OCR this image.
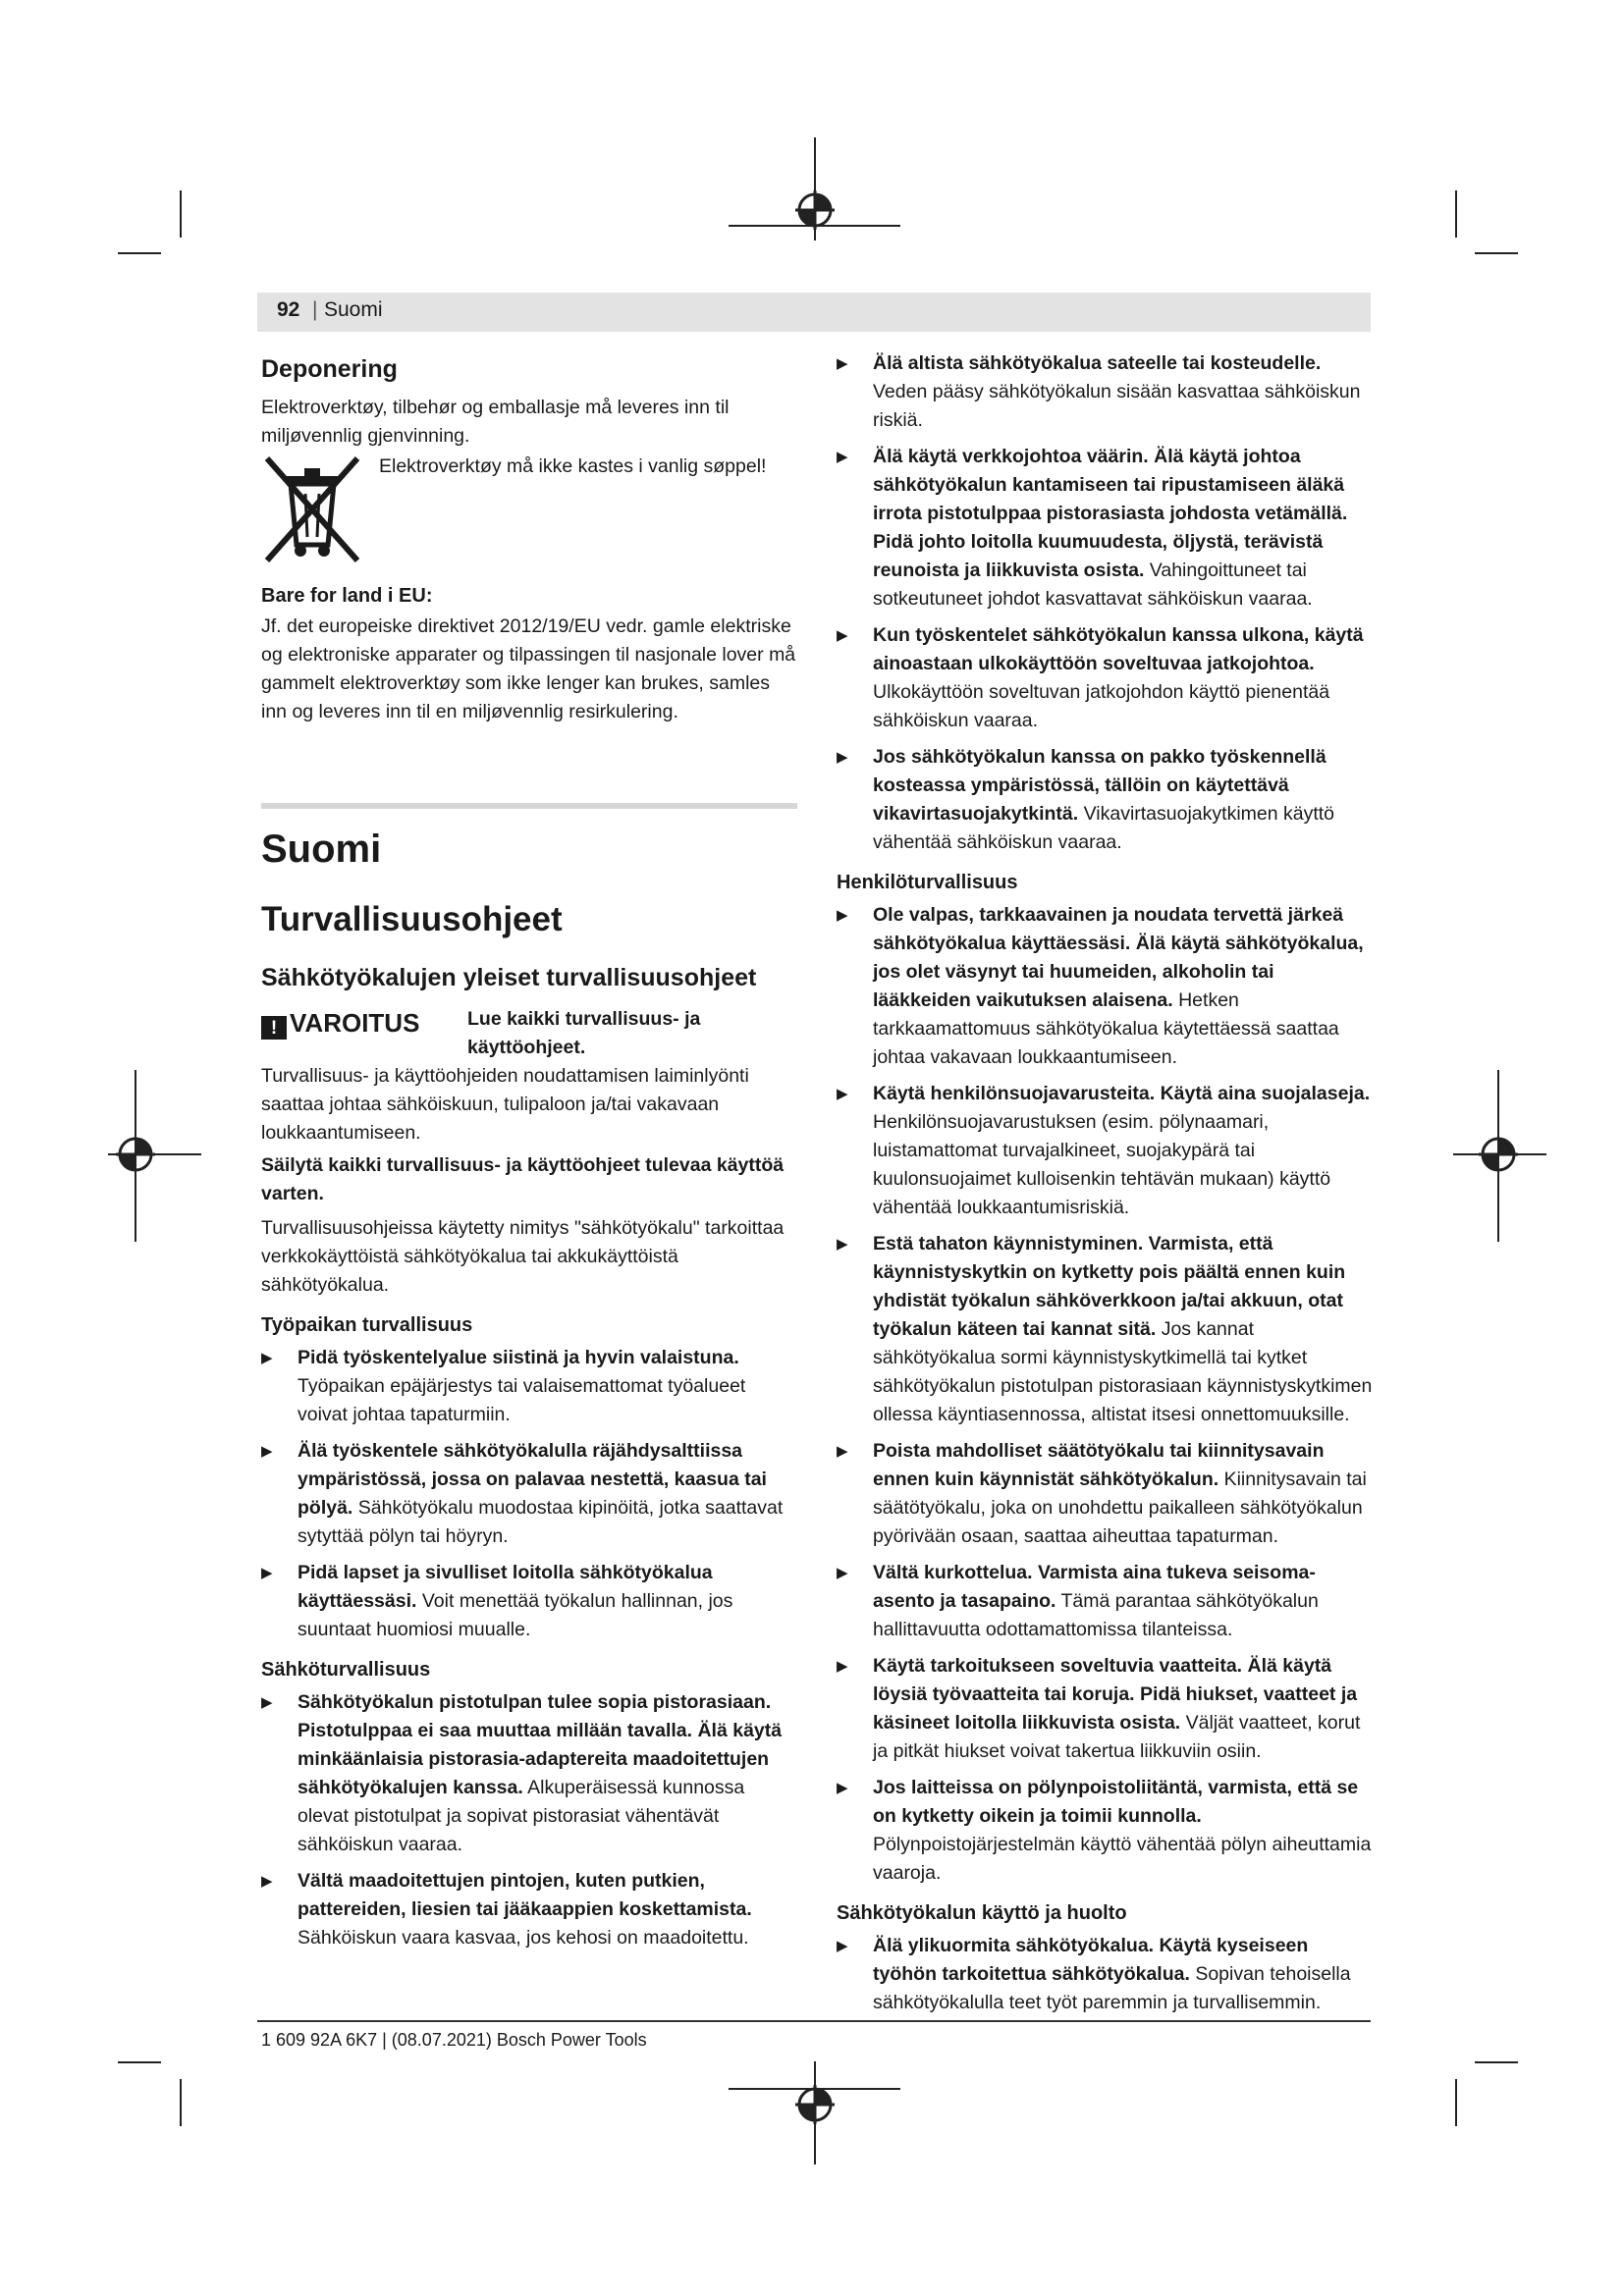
92 | Suomi

Deponering

Elektroverktøy, tilbehør og emballasje må leveres inn til miljøvennlig gjenvinning.

Elektroverktøy må ikke kastes i vanlig søppel!

Bare for land i EU:

Jf. det europeiske direktivet 2012/19/EU vedr. gamle elektriske og elektroniske apparater og tilpassingen til nasjonale lover må gammelt elektroverktøy som ikke lenger kan brukes, samles inn og leveres inn til en miljøvennlig resirkulering.

Suomi

Turvallisuusohjeet

Sähkötyökalujen yleiset turvallisuusohjeet

! VAROITUS Lue kaikki turvallisuus- ja käyttöohjeet.

Turvallisuus- ja käyttöohjeiden noudattamisen laiminlyönti saattaa johtaa sähköiskuun, tulipaloon ja/tai vakavaan loukkaantumiseen.

Säilytä kaikki turvallisuus- ja käyttöohjeet tulevaa käyttöä varten.

Turvallisuusohjeissa käytetty nimitys "sähkötyökalu" tarkoittaa verkkokäyttöistä sähkötyökalua tai akkukäyttöistä sähkötyökalua.

Työpaikan turvallisuus

▶ Pidä työskentelyalue siistinä ja hyvin valaistuna. Työpaikan epäjärjestys tai valaisemattomat työalueet voivat johtaa tapaturmiin.

▶ Älä työskentele sähkötyökalulla räjähdysalttiissa ympäristössä, jossa on palavaa nestettä, kaasua tai pölyä. Sähkötyökalu muodostaa kipinöitä, jotka saattavat sytyttää pölyn tai höyryn.

▶ Pidä lapset ja sivulliset loitolla sähkötyökalua käyttäessäsi. Voit menettää työkalun hallinnan, jos suuntaat huomiosi muualle.

Sähköturvallisuus

▶ Sähkötyökalun pistotulpan tulee sopia pistorasiaan. Pistotulppaa ei saa muuttaa millään tavalla. Älä käytä minkäänlaisia pistorasia-adaptereita maadoitettujen sähkötyökalujen kanssa. Alkuperäisessä kunnossa olevat pistotulpat ja sopivat pistorasiat vähentävät sähköiskun vaaraa.

▶ Vältä maadoitettujen pintojen, kuten putkien, pattereiden, liesien tai jääkaappien koskettamista. Sähköiskun vaara kasvaa, jos kehosi on maadoitettu.

▶ Älä altista sähkötyökalua sateelle tai kosteudelle. Veden pääsy sähkötyökalun sisään kasvattaa sähköiskun riskiä.

▶ Älä käytä verkkojohtoa väärin. Älä käytä johtoa sähkötyökalun kantamiseen tai ripustamiseen äläkä irrota pistotulppaa pistorasiasta johdosta vetämällä. Pidä johto loitolla kuumuudesta, öljystä, terävistä reunoista ja liikkuvista osista. Vahingoittuneet tai sotkeutuneet johdot kasvattavat sähköiskun vaaraa.

▶ Kun työskentelet sähkötyökalun kanssa ulkona, käytä ainoastaan ulkokäyttöön soveltuvaa jatkojohtoa. Ulkokäyttöön soveltuvan jatkojohdon käyttö pienentää sähköiskun vaaraa.

▶ Jos sähkötyökalun kanssa on pakko työskennellä kosteassa ympäristössä, tällöin on käytettävä vikavirtasuojakytkintä. Vikavirtasuojakytkimen käyttö vähentää sähköiskun vaaraa.

Henkilöturvallisuus

▶ Ole valpas, tarkkaavainen ja noudata tervettä järkeä sähkötyökalua käyttäessäsi. Älä käytä sähkötyökalua, jos olet väsynyt tai huumeiden, alkoholin tai lääkkeiden vaikutuksen alaisena. Hetken tarkkaamattomuus sähkötyökalua käytettäessä saattaa johtaa vakavaan loukkaantumiseen.

▶ Käytä henkilönsuojavarusteita. Käytä aina suojalaseja. Henkilönsuojavarustuksen (esim. pölynaamari, luistamattomat turvajalkineet, suojakypärä tai kuulonsuojaimet kulloisenkin tehtävän mukaan) käyttö vähentää loukkaantumisriskiä.

▶ Estä tahaton käynnistyminen. Varmista, että käynnistyskytkin on kytketty pois päältä ennen kuin yhdistät työkalun sähköverkkoon ja/tai akkuun, otat työkalun käteen tai kannat sitä. Jos kannat sähkötyökalua sormi käynnistyskytkimellä tai kytket sähkötyökalun pistotulpan pistorasiaan käynnistyskytkimen ollessa käyntiasennossa, altistat itsesi onnettomuuksille.

▶ Poista mahdolliset säätötyökalu tai kiinnitysavain ennen kuin käynnistät sähkötyökalun. Kiinnitysavain tai säätötyökalu, joka on unohdettu paikalleen sähkötyökalun pyörivään osaan, saattaa aiheuttaa tapaturman.

▶ Vältä kurkottelua. Varmista aina tukeva seisoma-asento ja tasapaino. Tämä parantaa sähkötyökalun hallittavuutta odottamattomissa tilanteissa.

▶ Käytä tarkoitukseen soveltuvia vaatteita. Älä käytä löysiä työvaatteita tai koruja. Pidä hiukset, vaatteet ja käsineet loitolla liikkuvista osista. Väljät vaatteet, korut ja pitkät hiukset voivat takertua liikkuviin osiin.

▶ Jos laitteissa on pölynpoistoliitäntä, varmista, että se on kytketty oikein ja toimii kunnolla. Pölynpoistojärjestelmän käyttö vähentää pölyn aiheuttamia vaaroja.

Sähkötyökalun käyttö ja huolto

▶ Älä ylikuormita sähkötyökalua. Käytä kyseiseen työhön tarkoitettua sähkötyökalua. Sopivan tehoisella sähkötyökalulla teet työt paremmin ja turvallisemmin.

1 609 92A 6K7 | (08.07.2021) Bosch Power Tools
